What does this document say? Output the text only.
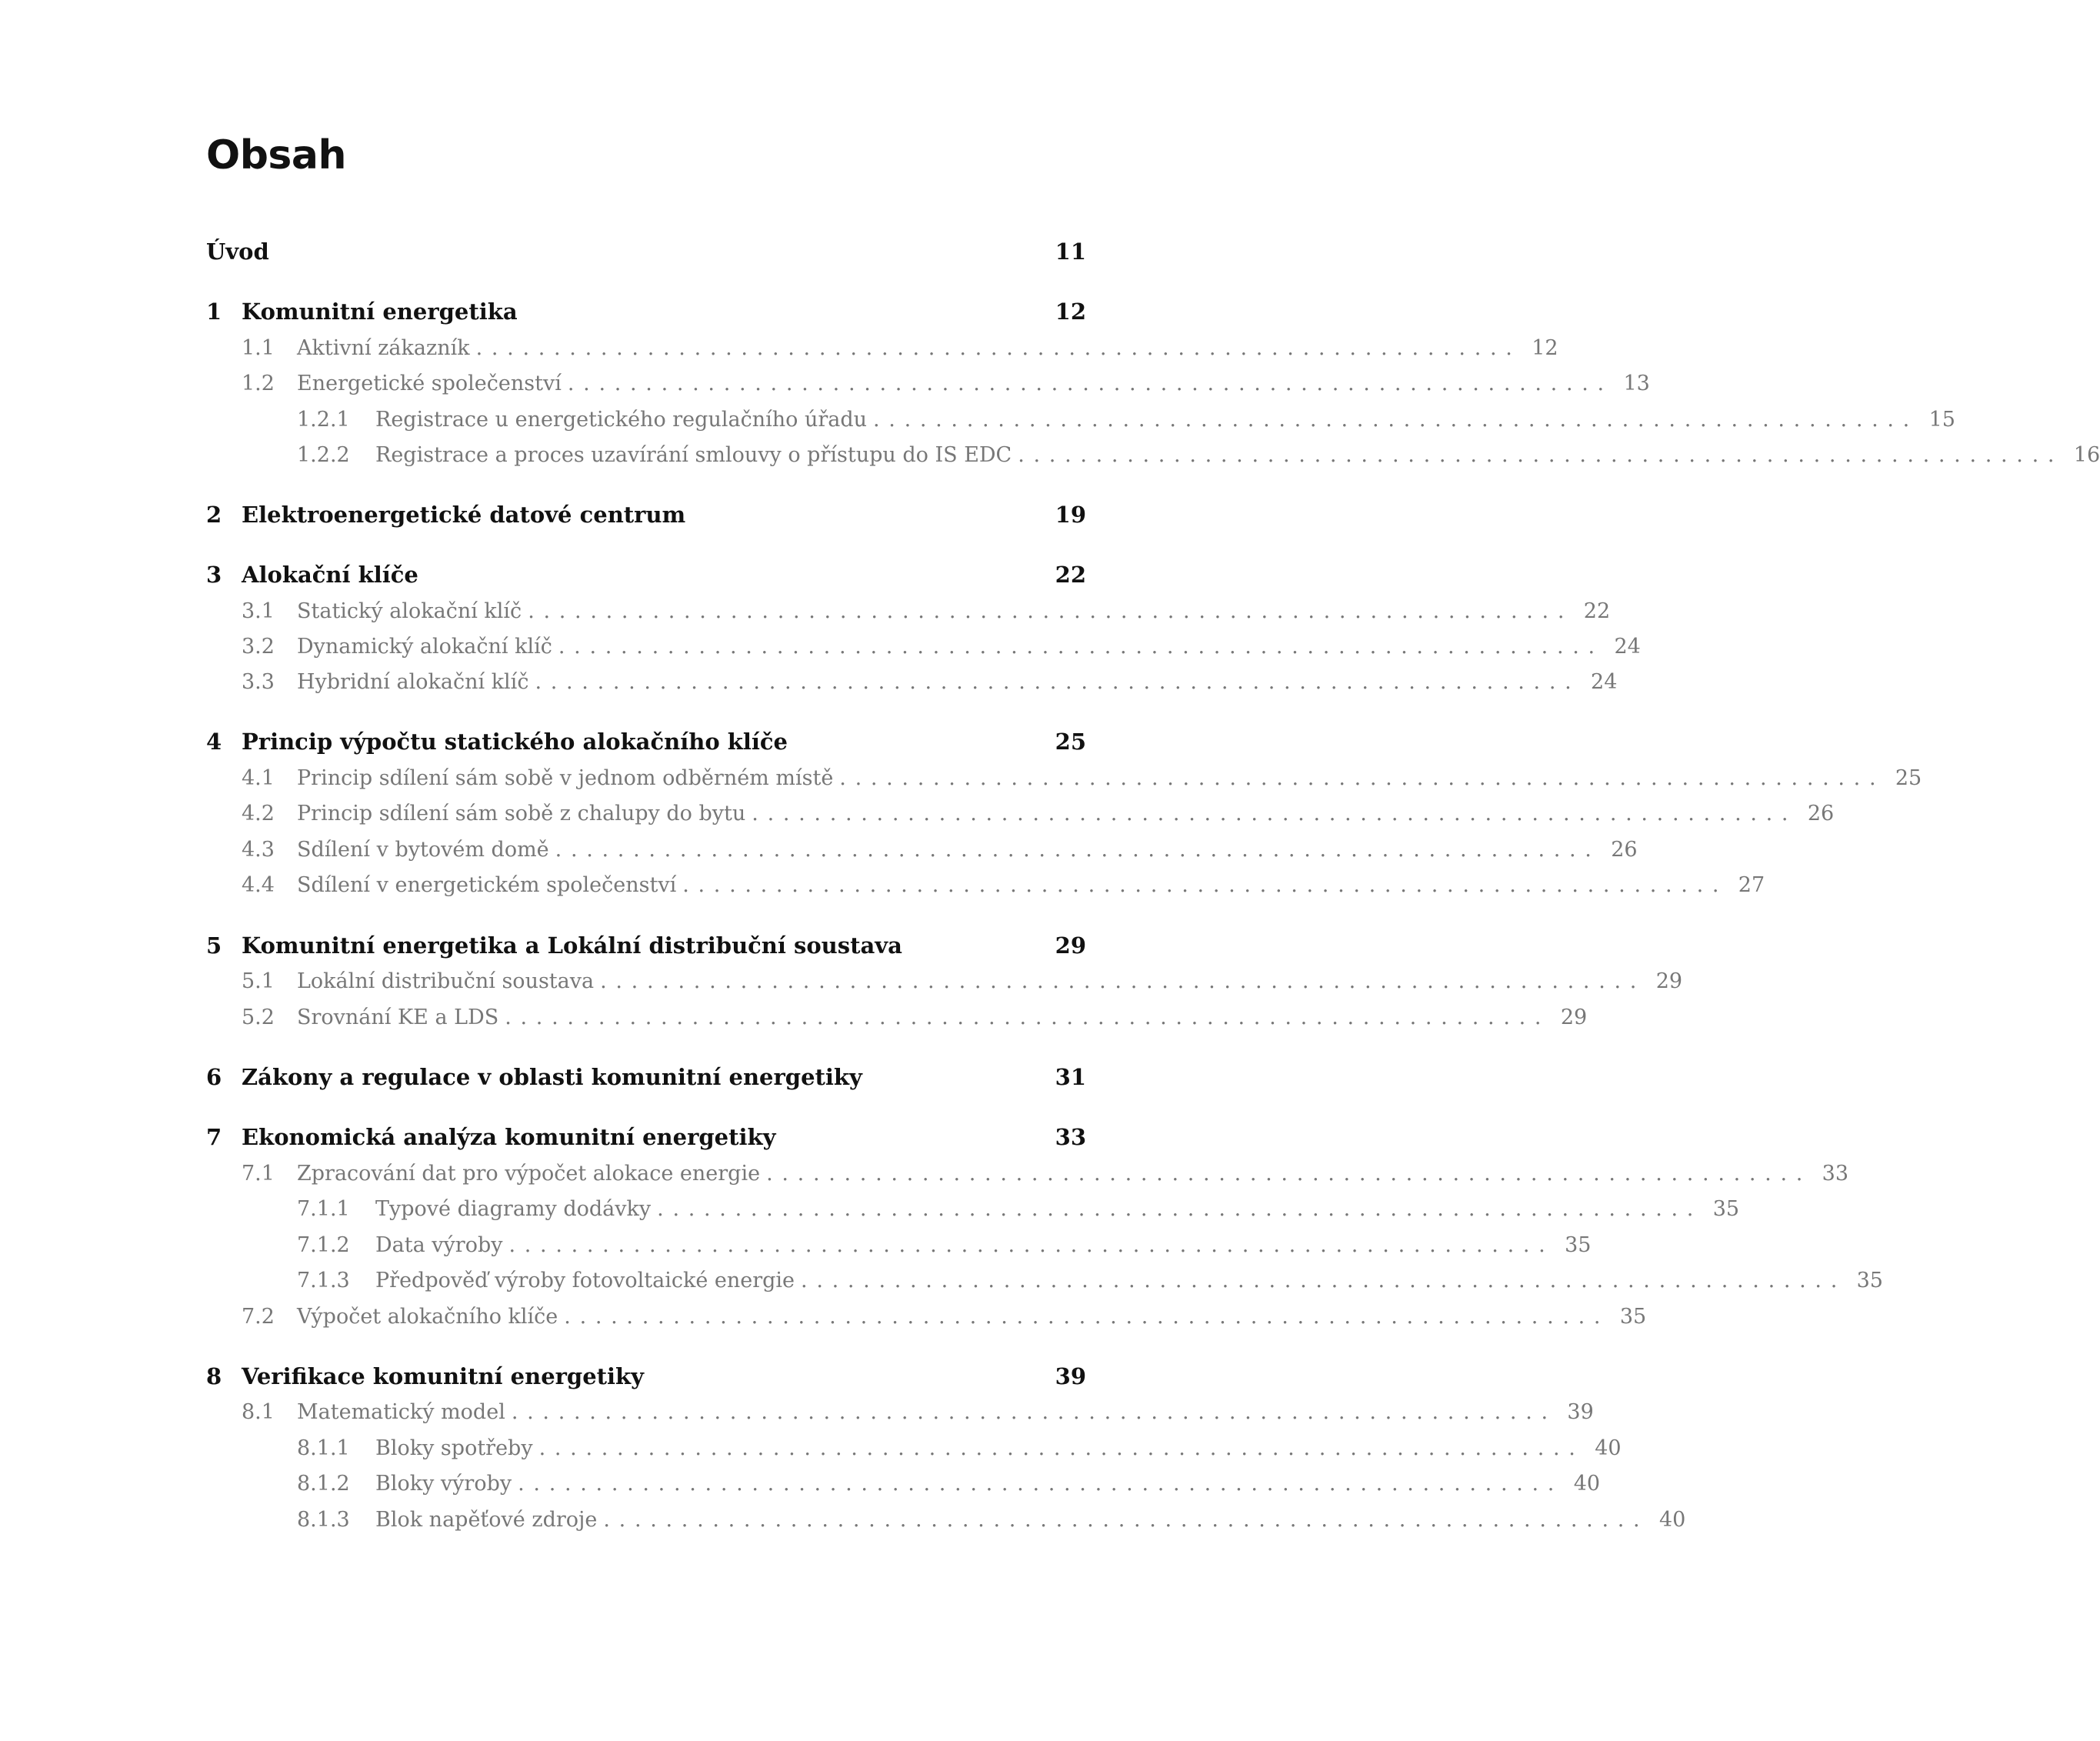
Obsah
Úvod	11
1 Komunitní energetika	12
1.1	Aktivní zákazník ................................................................... 12
1.2	Energetické společenství ................................................................... 13
1.2.1	Registrace u energetického regulačního úřadu ................................................................... 15
1.2.2	Registrace a proces uzavírání smlouvy o přístupu do IS EDC ................................................................... 16
2 Elektroenergetické datové centrum	19
3 Alokační klíče	22
3.1	Statický alokační klíč ................................................................... 22
3.2	Dynamický alokační klíč ................................................................... 24
3.3	Hybridní alokační klíč ................................................................... 24
4 Princip výpočtu statického alokačního klíče	25
4.1	Princip sdílení sám sobě v jednom odběrném místě ................................................................... 25
4.2	Princip sdílení sám sobě z chalupy do bytu ................................................................... 26
4.3	Sdílení v bytovém domě ................................................................... 26
4.4	Sdílení v energetickém společenství ................................................................... 27
5 Komunitní energetika a Lokální distribuční soustava	29
5.1	Lokální distribuční soustava ................................................................... 29
5.2	Srovnání KE a LDS ................................................................... 29
6 Zákony a regulace v oblasti komunitní energetiky	31
7 Ekonomická analýza komunitní energetiky	33
7.1	Zpracování dat pro výpočet alokace energie ................................................................... 33
7.1.1	Typové diagramy dodávky ................................................................... 35
7.1.2	Data výroby ................................................................... 35
7.1.3	Předpověď výroby fotovoltaické energie ................................................................... 35
7.2	Výpočet alokačního klíče ................................................................... 35
8 Verifikace komunitní energetiky	39
8.1	Matematický model ................................................................... 39
8.1.1	Bloky spotřeby ................................................................... 40
8.1.2	Bloky výroby ................................................................... 40
8.1.3	Blok napěťové zdroje ................................................................... 40
